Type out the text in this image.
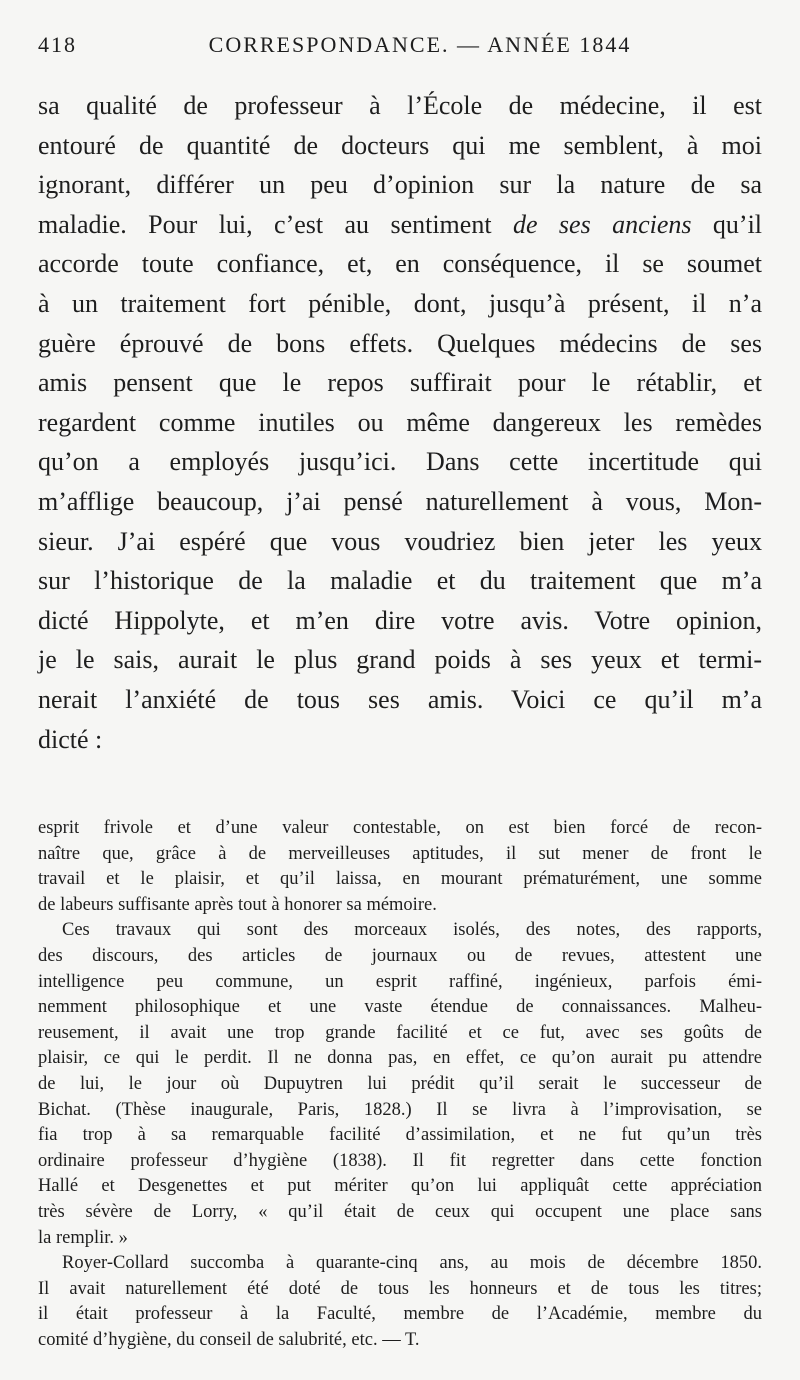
418	CORRESPONDANCE. — ANNÉE 1844
sa qualité de professeur à l’École de médecine, il est
entouré de quantité de docteurs qui me semblent, à moi
ignorant, différer un peu d’opinion sur la nature de sa
maladie. Pour lui, c’est au sentiment de ses anciens qu’il
accorde toute confiance, et, en conséquence, il se soumet
à un traitement fort pénible, dont, jusqu’à présent, il n’a
guère éprouvé de bons effets. Quelques médecins de ses
amis pensent que le repos suffirait pour le rétablir, et
regardent comme inutiles ou même dangereux les remèdes
qu’on a employés jusqu’ici. Dans cette incertitude qui
m’afflige beaucoup, j’ai pensé naturellement à vous, Mon-
sieur. J’ai espéré que vous voudriez bien jeter les yeux
sur l’historique de la maladie et du traitement que m’a
dicté Hippolyte, et m’en dire votre avis. Votre opinion,
je le sais, aurait le plus grand poids à ses yeux et termi-
nerait l’anxiété de tous ses amis. Voici ce qu’il m’a
dicté :
esprit frivole et d’une valeur contestable, on est bien forcé de recon-
naître que, grâce à de merveilleuses aptitudes, il sut mener de front le
travail et le plaisir, et qu’il laissa, en mourant prématurément, une somme
de labeurs suffisante après tout à honorer sa mémoire.
Ces travaux qui sont des morceaux isolés, des notes, des rapports,
des discours, des articles de journaux ou de revues, attestent une
intelligence peu commune, un esprit raffiné, ingénieux, parfois émi-
nemment philosophique et une vaste étendue de connaissances. Malheu-
reusement, il avait une trop grande facilité et ce fut, avec ses goûts de
plaisir, ce qui le perdit. Il ne donna pas, en effet, ce qu’on aurait pu attendre
de lui, le jour où Dupuytren lui prédit qu’il serait le successeur de
Bichat. (Thèse inaugurale, Paris, 1828.) Il se livra à l’improvisation, se
fia trop à sa remarquable facilité d’assimilation, et ne fut qu’un très
ordinaire professeur d’hygiène (1838). Il fit regretter dans cette fonction
Hallé et Desgenettes et put mériter qu’on lui appliquât cette appréciation
très sévère de Lorry, « qu’il était de ceux qui occupent une place sans
la remplir. »
Royer-Collard succomba à quarante-cinq ans, au mois de décembre 1850.
Il avait naturellement été doté de tous les honneurs et de tous les titres;
il était professeur à la Faculté, membre de l’Académie, membre du
comité d’hygiène, du conseil de salubrité, etc. — T.
